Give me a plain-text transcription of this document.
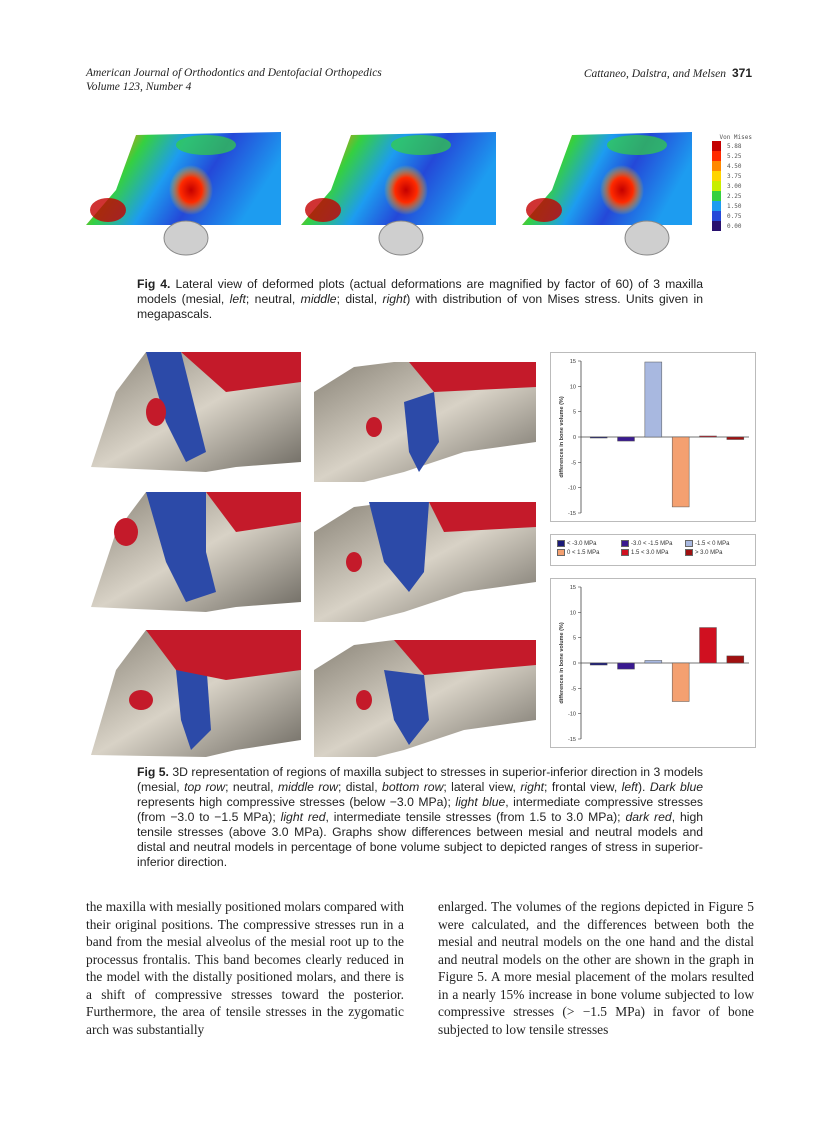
American Journal of Orthodontics and Dentofacial Orthopedics
Volume 123, Number 4
Cattaneo, Dalstra, and Melsen 371
Von Mises
5.88
5.25
4.50
3.75
3.00
2.25
1.50
0.75
0.00
Fig 4. Lateral view of deformed plots (actual deformations are magnified by factor of 60) of 3 maxilla models (mesial, left; neutral, middle; distal, right) with distribution of von Mises stress. Units given in megapascals.
15
10
5
0
-5
-10
-15
differences in bone volume (%)
< -3.0 MPa	-3.0 < -1.5 MPa	-1.5 < 0 MPa
0 < 1.5 MPa	1.5 < 3.0 MPa	> 3.0 MPa
15
10
5
0
-5
-10
-15
differences in bone volume (%)
Fig 5. 3D representation of regions of maxilla subject to stresses in superior-inferior direction in 3 models (mesial, top row; neutral, middle row; distal, bottom row; lateral view, right; frontal view, left). Dark blue represents high compressive stresses (below −3.0 MPa); light blue, intermediate compressive stresses (from −3.0 to −1.5 MPa); light red, intermediate tensile stresses (from 1.5 to 3.0 MPa); dark red, high tensile stresses (above 3.0 MPa). Graphs show differences between mesial and neutral models and distal and neutral models in percentage of bone volume subject to depicted ranges of stress in superior-inferior direction.
the maxilla with mesially positioned molars compared with their original positions. The compressive stresses run in a band from the mesial alveolus of the mesial root up to the processus frontalis. This band becomes clearly reduced in the model with the distally positioned molars, and there is a shift of compressive stresses toward the posterior. Furthermore, the area of tensile stresses in the zygomatic arch was substantially
enlarged. The volumes of the regions depicted in Figure 5 were calculated, and the differences between both the mesial and neutral models on the one hand and the distal and neutral models on the other are shown in the graph in Figure 5. A more mesial placement of the molars resulted in a nearly 15% increase in bone volume subjected to low compressive stresses (> −1.5 MPa) in favor of bone subjected to low tensile stresses
